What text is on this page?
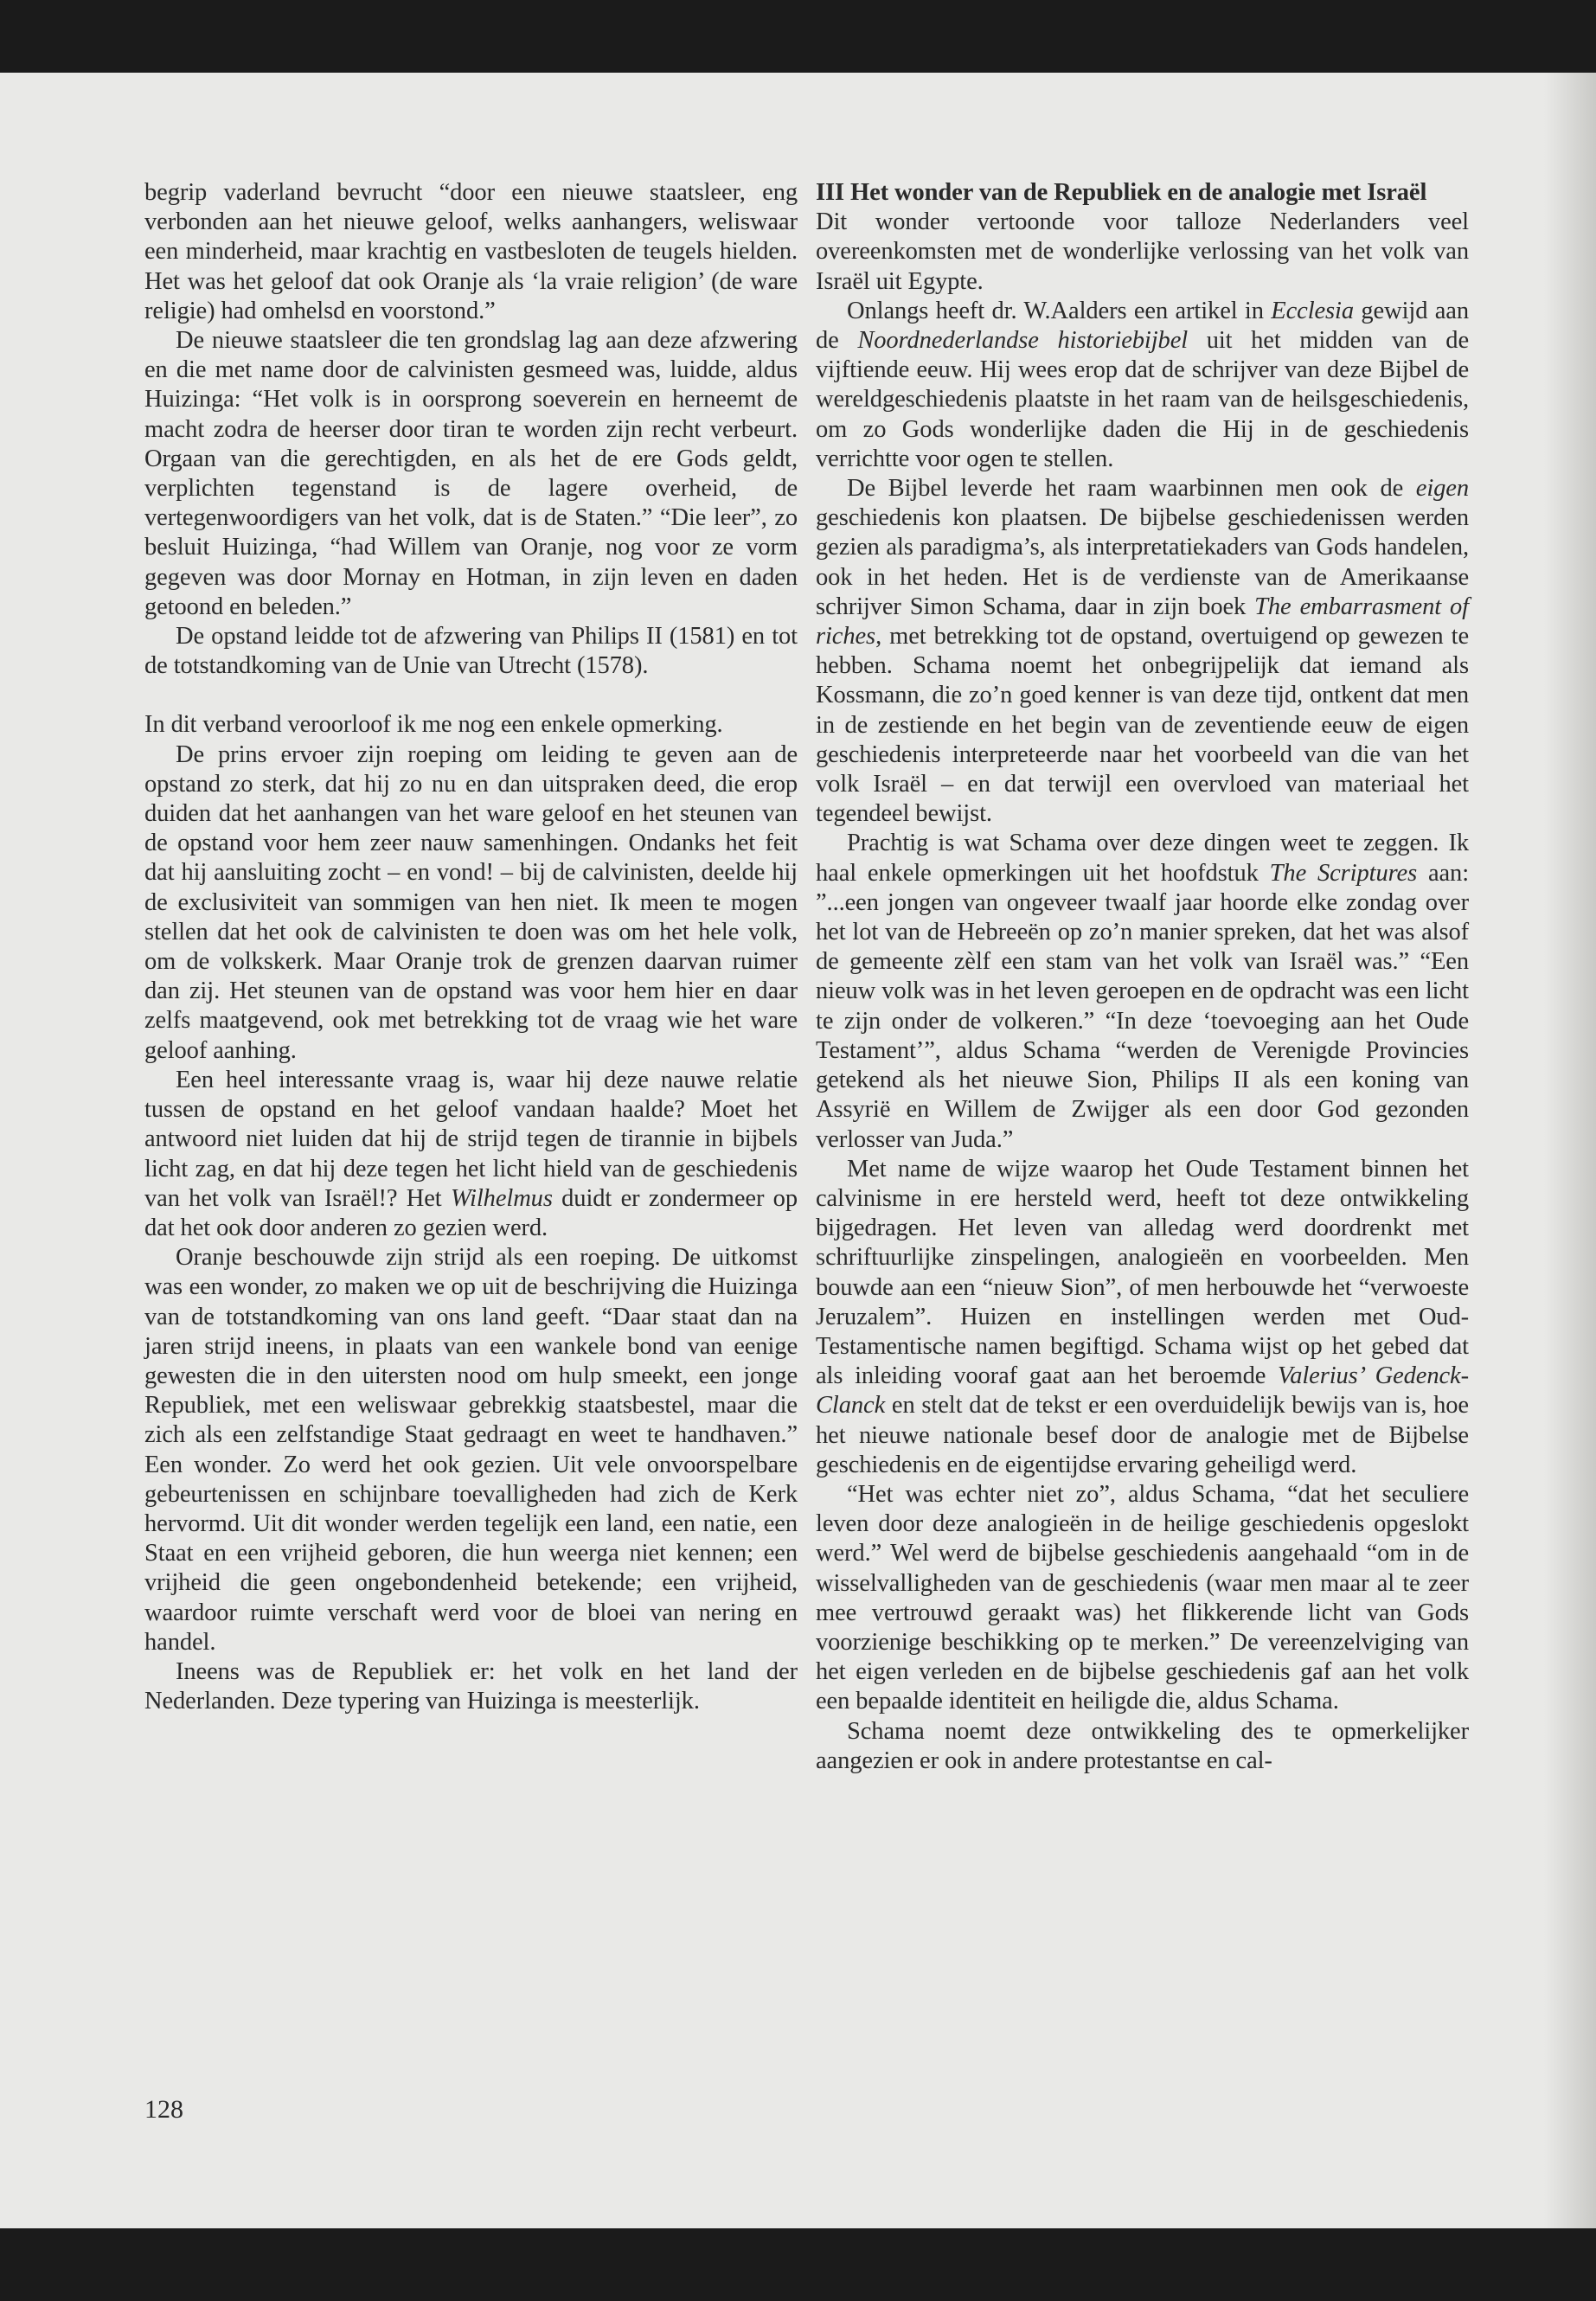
begrip vaderland bevrucht “door een nieuwe staatsleer, eng verbonden aan het nieuwe geloof, welks aanhangers, weliswaar een minderheid, maar krachtig en vastbesloten de teugels hielden. Het was het geloof dat ook Oranje als ‘la vraie religion’ (de ware religie) had omhelsd en voorstond.”

De nieuwe staatsleer die ten grondslag lag aan deze afzwering en die met name door de calvinisten gesmeed was, luidde, aldus Huizinga: “Het volk is in oorsprong soeverein en herneemt de macht zodra de heerser door tiran te worden zijn recht verbeurt. Orgaan van die gerechtigden, en als het de ere Gods geldt, verplichten tegenstand is de lagere overheid, de vertegenwoordigers van het volk, dat is de Staten.” “Die leer”, zo besluit Huizinga, “had Willem van Oranje, nog voor ze vorm gegeven was door Mornay en Hotman, in zijn leven en daden getoond en beleden.”

De opstand leidde tot de afzwering van Philips II (1581) en tot de totstandkoming van de Unie van Utrecht (1578).

In dit verband veroorloof ik me nog een enkele opmerking.

De prins ervoer zijn roeping om leiding te geven aan de opstand zo sterk, dat hij zo nu en dan uitspraken deed, die erop duiden dat het aanhangen van het ware geloof en het steunen van de opstand voor hem zeer nauw samenhingen. Ondanks het feit dat hij aansluiting zocht – en vond! – bij de calvinisten, deelde hij de exclusiviteit van sommigen van hen niet. Ik meen te mogen stellen dat het ook de calvinisten te doen was om het hele volk, om de volkskerk. Maar Oranje trok de grenzen daarvan ruimer dan zij. Het steunen van de opstand was voor hem hier en daar zelfs maatgevend, ook met betrekking tot de vraag wie het ware geloof aanhing.

Een heel interessante vraag is, waar hij deze nauwe relatie tussen de opstand en het geloof vandaan haalde? Moet het antwoord niet luiden dat hij de strijd tegen de tirannie in bijbels licht zag, en dat hij deze tegen het licht hield van de geschiedenis van het volk van Israël!? Het Wilhelmus duidt er zondermeer op dat het ook door anderen zo gezien werd.

Oranje beschouwde zijn strijd als een roeping. De uitkomst was een wonder, zo maken we op uit de beschrijving die Huizinga van de totstandkoming van ons land geeft. “Daar staat dan na jaren strijd ineens, in plaats van een wankele bond van eenige gewesten die in den uitersten nood om hulp smeekt, een jonge Republiek, met een weliswaar gebrekkig staatsbestel, maar die zich als een zelfstandige Staat gedraagt en weet te handhaven.” Een wonder. Zo werd het ook gezien. Uit vele onvoorspelbare gebeurtenissen en schijnbare toevalligheden had zich de Kerk hervormd. Uit dit wonder werden tegelijk een land, een natie, een Staat en een vrijheid geboren, die hun weerga niet kennen; een vrijheid die geen ongebondenheid betekende; een vrijheid, waardoor ruimte verschaft werd voor de bloei van nering en handel.

Ineens was de Republiek er: het volk en het land der Nederlanden. Deze typering van Huizinga is meesterlijk.

III Het wonder van de Republiek en de analogie met Israël

Dit wonder vertoonde voor talloze Nederlanders veel overeenkomsten met de wonderlijke verlossing van het volk van Israël uit Egypte.

Onlangs heeft dr. W.Aalders een artikel in Ecclesia gewijd aan de Noordnederlandse historiebijbel uit het midden van de vijftiende eeuw. Hij wees erop dat de schrijver van deze Bijbel de wereldgeschiedenis plaatste in het raam van de heilsgeschiedenis, om zo Gods wonderlijke daden die Hij in de geschiedenis verrichtte voor ogen te stellen.

De Bijbel leverde het raam waarbinnen men ook de eigen geschiedenis kon plaatsen. De bijbelse geschiedenissen werden gezien als paradigma’s, als interpretatiekaders van Gods handelen, ook in het heden. Het is de verdienste van de Amerikaanse schrijver Simon Schama, daar in zijn boek The embarrasment of riches, met betrekking tot de opstand, overtuigend op gewezen te hebben. Schama noemt het onbegrijpelijk dat iemand als Kossmann, die zo’n goed kenner is van deze tijd, ontkent dat men in de zestiende en het begin van de zeventiende eeuw de eigen geschiedenis interpreteerde naar het voorbeeld van die van het volk Israël – en dat terwijl een overvloed van materiaal het tegendeel bewijst.

Prachtig is wat Schama over deze dingen weet te zeggen. Ik haal enkele opmerkingen uit het hoofdstuk The Scriptures aan: ”...een jongen van ongeveer twaalf jaar hoorde elke zondag over het lot van de Hebreeën op zo’n manier spreken, dat het was alsof de gemeente zèlf een stam van het volk van Israël was.” “Een nieuw volk was in het leven geroepen en de opdracht was een licht te zijn onder de volkeren.” “In deze ‘toevoeging aan het Oude Testament’”, aldus Schama “werden de Verenigde Provincies getekend als het nieuwe Sion, Philips II als een koning van Assyrië en Willem de Zwijger als een door God gezonden verlosser van Juda.”

Met name de wijze waarop het Oude Testament binnen het calvinisme in ere hersteld werd, heeft tot deze ontwikkeling bijgedragen. Het leven van alledag werd doordrenkt met schriftuurlijke zinspelingen, analogieën en voorbeelden. Men bouwde aan een “nieuw Sion”, of men herbouwde het “verwoeste Jeruzalem”. Huizen en instellingen werden met Oud-Testamentische namen begiftigd. Schama wijst op het gebed dat als inleiding vooraf gaat aan het beroemde Valerius’ Gedenck- Clanck en stelt dat de tekst er een overduidelijk bewijs van is, hoe het nieuwe nationale besef door de analogie met de Bijbelse geschiedenis en de eigentijdse ervaring geheiligd werd.

“Het was echter niet zo”, aldus Schama, “dat het seculiere leven door deze analogieën in de heilige geschiedenis opgeslokt werd.” Wel werd de bijbelse geschiedenis aangehaald “om in de wisselvalligheden van de geschiedenis (waar men maar al te zeer mee vertrouwd geraakt was) het flikkerende licht van Gods voorzienige beschikking op te merken.” De vereenzelviging van het eigen verleden en de bijbelse geschiedenis gaf aan het volk een bepaalde identiteit en heiligde die, aldus Schama.

Schama noemt deze ontwikkeling des te opmerkelijker aangezien er ook in andere protestantse en cal-

128
